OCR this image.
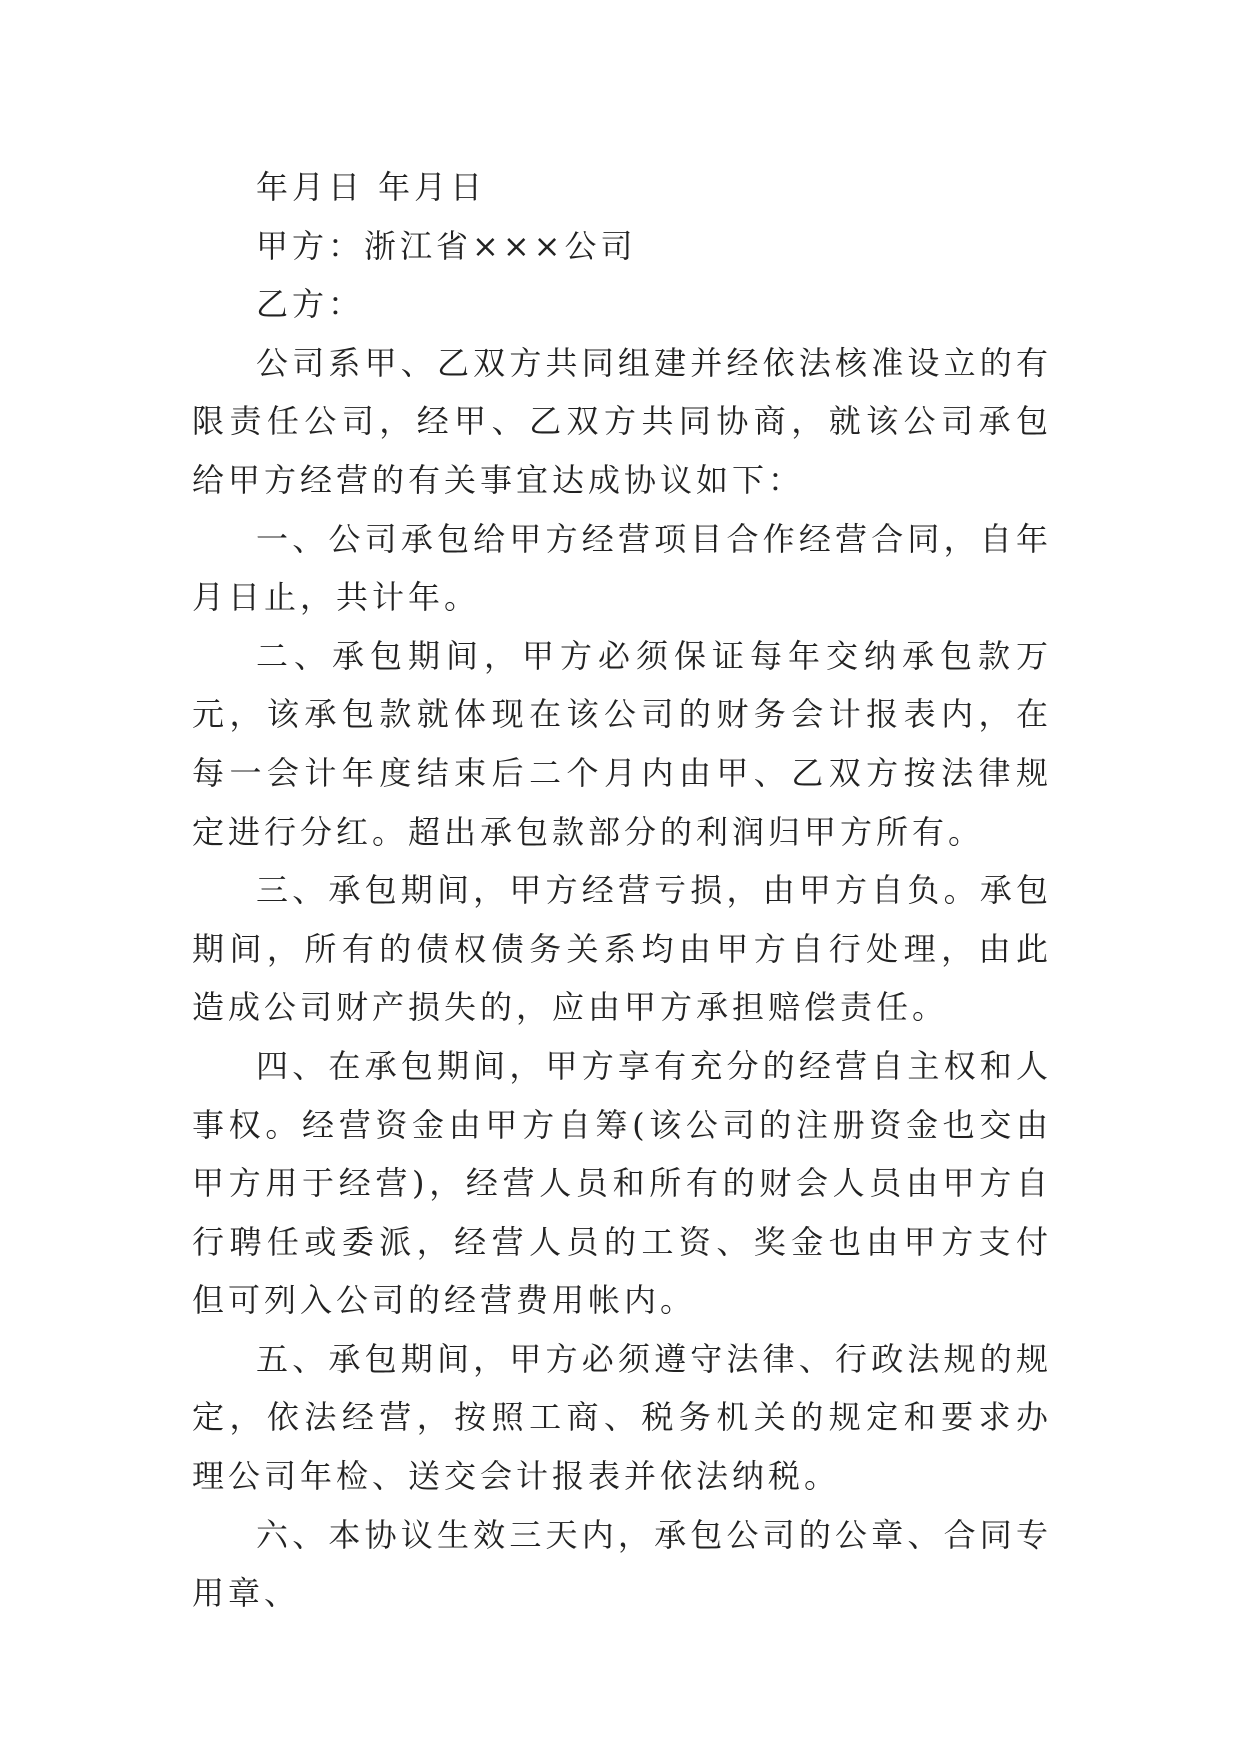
年月日 年月日

甲方：浙江省×××公司

乙方：

公司系甲、乙双方共同组建并经依法核准设立的有限责任公司，经甲、乙双方共同协商，就该公司承包给甲方经营的有关事宜达成协议如下：

一、公司承包给甲方经营项目合作经营合同，自年月日止，共计年。

二、承包期间，甲方必须保证每年交纳承包款万元，该承包款就体现在该公司的财务会计报表内，在每一会计年度结束后二个月内由甲、乙双方按法律规定进行分红。超出承包款部分的利润归甲方所有。

三、承包期间，甲方经营亏损，由甲方自负。承包期间，所有的债权债务关系均由甲方自行处理，由此造成公司财产损失的，应由甲方承担赔偿责任。

四、在承包期间，甲方享有充分的经营自主权和人事权。经营资金由甲方自筹(该公司的注册资金也交由甲方用于经营)，经营人员和所有的财会人员由甲方自行聘任或委派，经营人员的工资、奖金也由甲方支付但可列入公司的经营费用帐内。

五、承包期间，甲方必须遵守法律、行政法规的规定，依法经营，按照工商、税务机关的规定和要求办理公司年检、送交会计报表并依法纳税。

六、本协议生效三天内，承包公司的公章、合同专用章、
